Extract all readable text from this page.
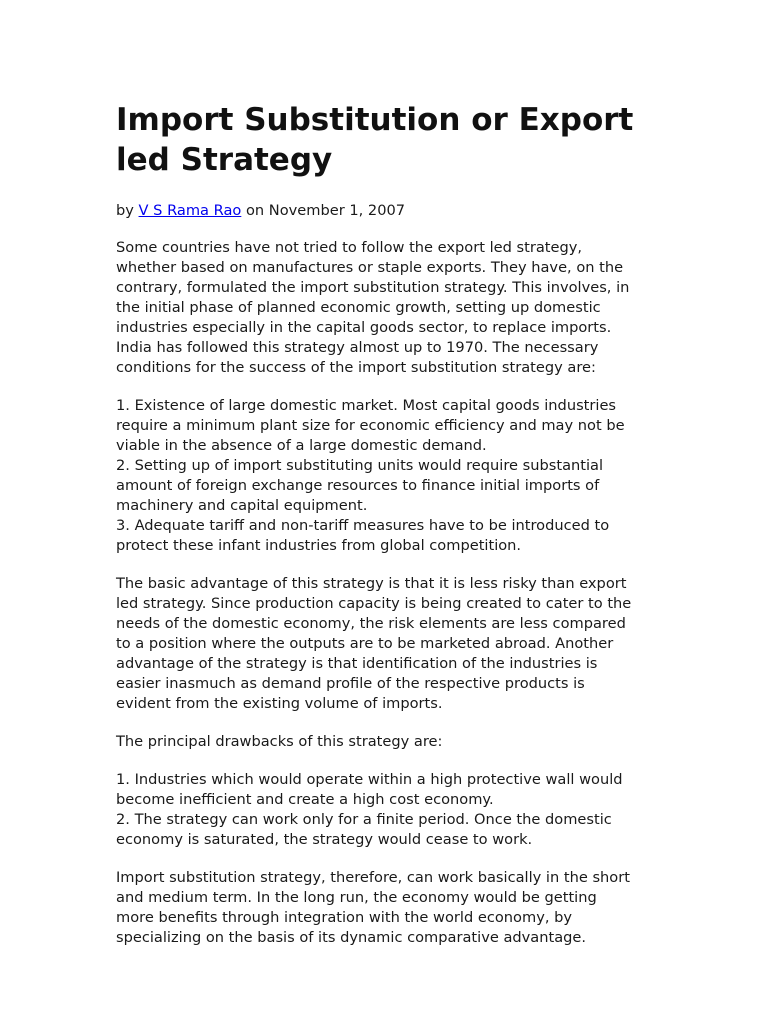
Import Substitution or Export
led Strategy
by V S Rama Rao on November 1, 2007
Some countries have not tried to follow the export led strategy,
whether based on manufactures or staple exports. They have, on the
contrary, formulated the import substitution strategy. This involves, in
the initial phase of planned economic growth, setting up domestic
industries especially in the capital goods sector, to replace imports.
India has followed this strategy almost up to 1970. The necessary
conditions for the success of the import substitution strategy are:
1. Existence of large domestic market. Most capital goods industries
require a minimum plant size for economic efficiency and may not be
viable in the absence of a large domestic demand.
2. Setting up of import substituting units would require substantial
amount of foreign exchange resources to finance initial imports of
machinery and capital equipment.
3. Adequate tariff and non-tariff measures have to be introduced to
protect these infant industries from global competition.
The basic advantage of this strategy is that it is less risky than export
led strategy. Since production capacity is being created to cater to the
needs of the domestic economy, the risk elements are less compared
to a position where the outputs are to be marketed abroad. Another
advantage of the strategy is that identification of the industries is
easier inasmuch as demand profile of the respective products is
evident from the existing volume of imports.
The principal drawbacks of this strategy are:
1. Industries which would operate within a high protective wall would
become inefficient and create a high cost economy.
2. The strategy can work only for a finite period. Once the domestic
economy is saturated, the strategy would cease to work.
Import substitution strategy, therefore, can work basically in the short
and medium term. In the long run, the economy would be getting
more benefits through integration with the world economy, by
specializing on the basis of its dynamic comparative advantage.
